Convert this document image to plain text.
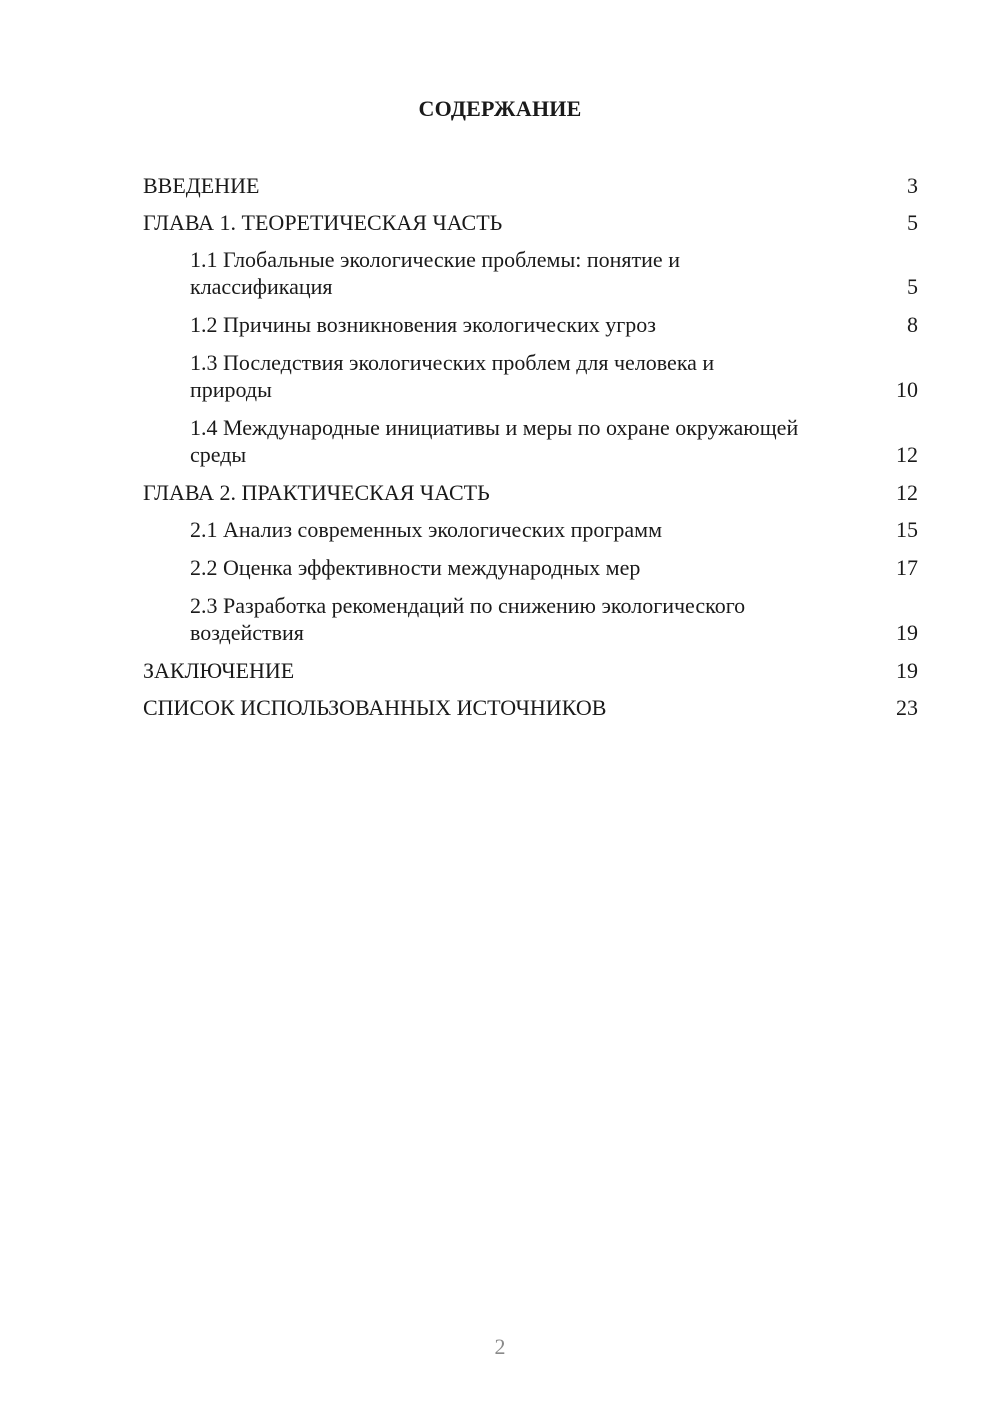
СОДЕРЖАНИЕ
ВВЕДЕНИЕ	3
ГЛАВА 1. ТЕОРЕТИЧЕСКАЯ ЧАСТЬ	5
1.1 Глобальные экологические проблемы: понятие и классификация	5
1.2 Причины возникновения экологических угроз	8
1.3 Последствия экологических проблем для человека и природы	10
1.4 Международные инициативы и меры по охране окружающей среды	12
ГЛАВА 2. ПРАКТИЧЕСКАЯ ЧАСТЬ	12
2.1 Анализ современных экологических программ	15
2.2 Оценка эффективности международных мер	17
2.3 Разработка рекомендаций по снижению экологического воздействия	19
ЗАКЛЮЧЕНИЕ	19
СПИСОК ИСПОЛЬЗОВАННЫХ ИСТОЧНИКОВ	23
2
